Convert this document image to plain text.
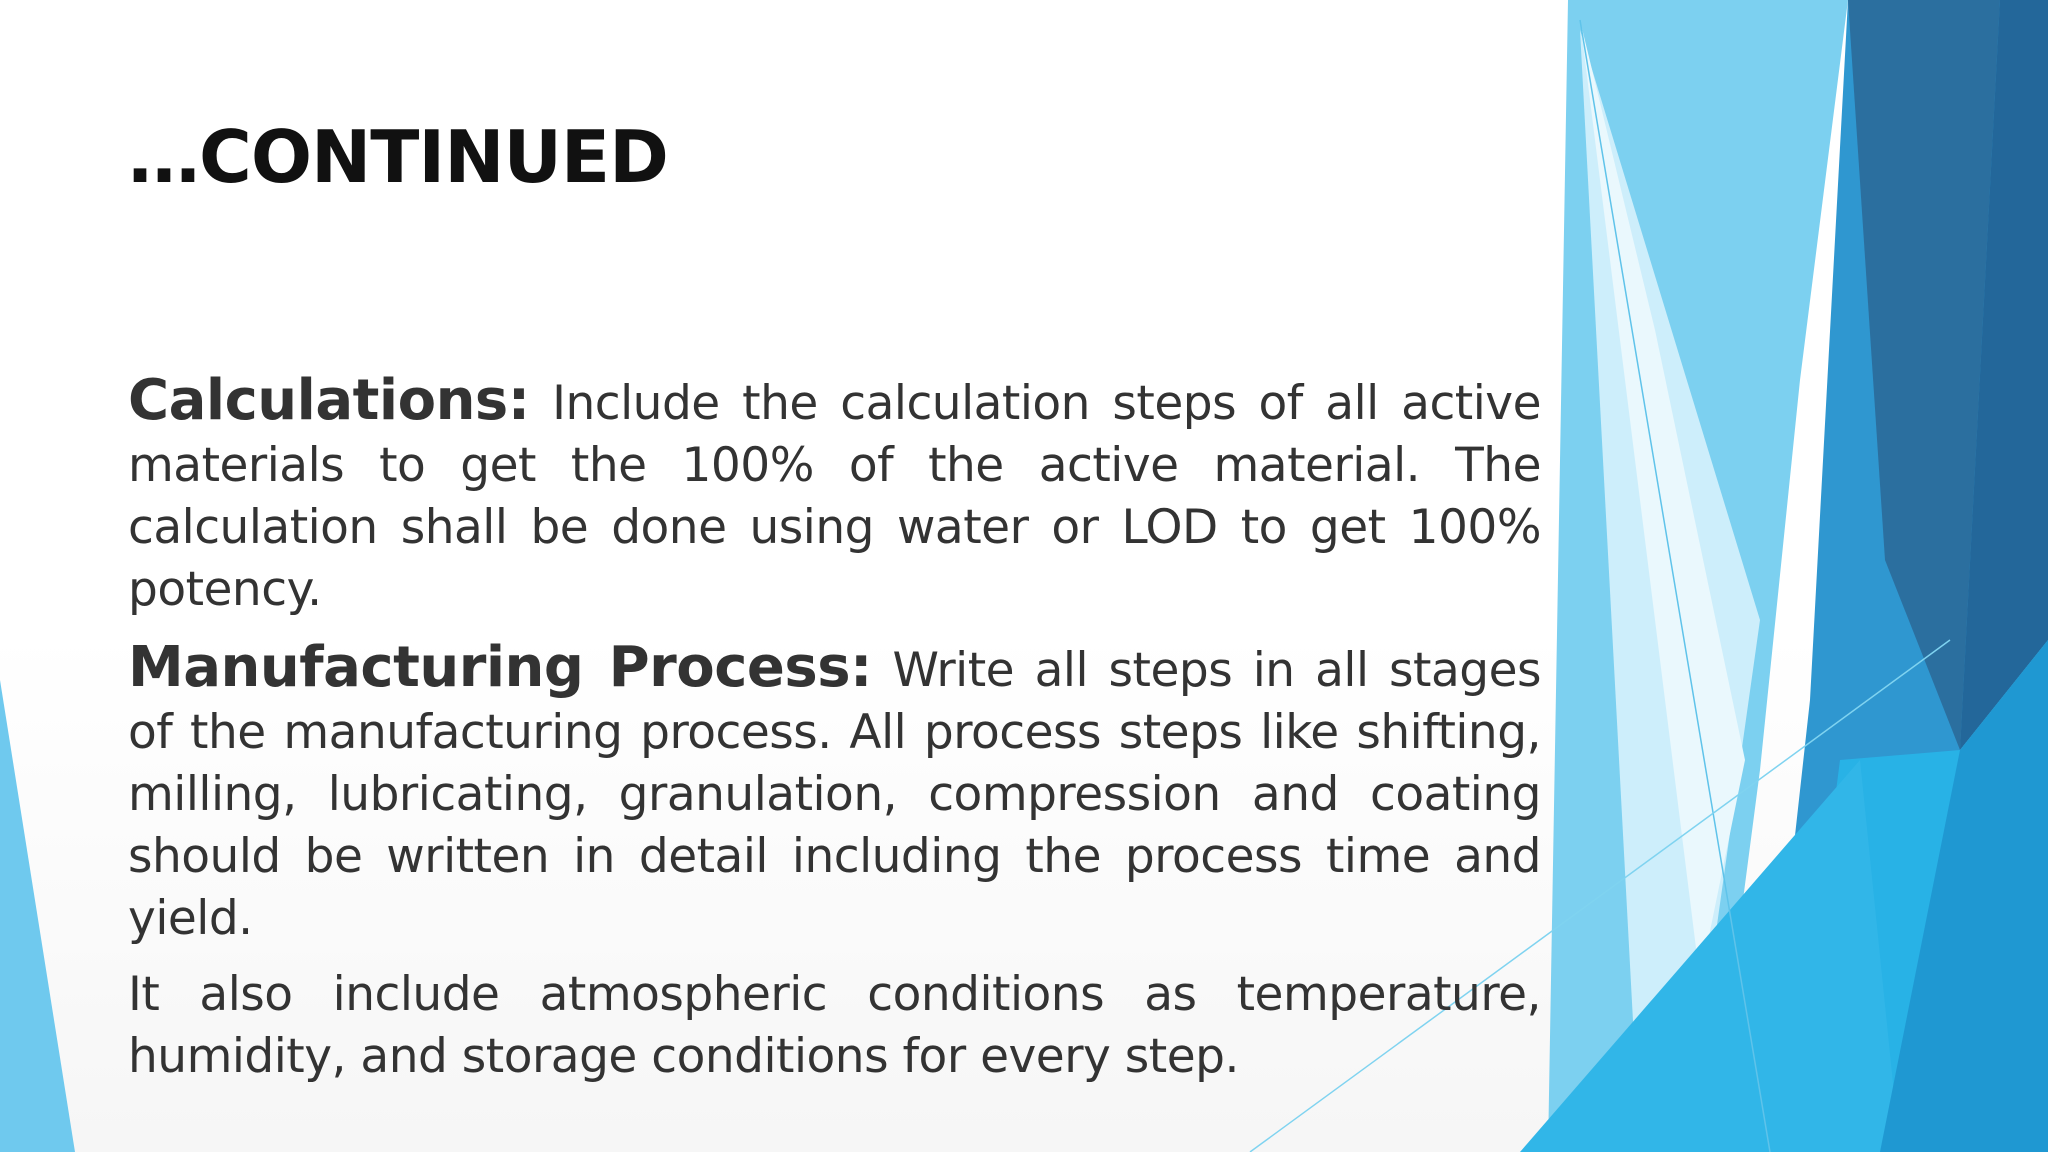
…CONTINUED

Calculations: Include the calculation steps of all active materials to get the 100% of the active material. The calculation shall be done using water or LOD to get 100% potency.

Manufacturing Process: Write all steps in all stages of the manufacturing process. All process steps like shifting, milling, lubricating, granulation, compression and coating should be written in detail including the process time and yield.

It also include atmospheric conditions as temperature, humidity, and storage conditions for every step.
